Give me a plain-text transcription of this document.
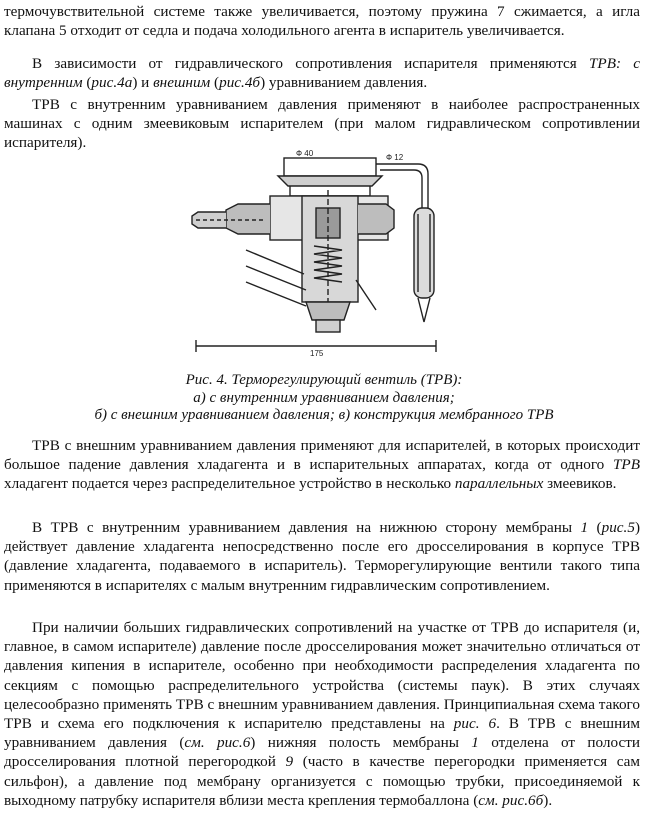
термочувствительной системе также увеличивается, поэтому пружина 7 сжимается, а игла клапана 5 отходит от седла и подача холодильного агента в испаритель увеличивается.

В зависимости от гидравлического сопротивления испарителя применяются ТРВ: с внутренним (рис.4а) и внешним (рис.4б) уравниванием давления.

ТРВ с внутренним уравниванием давления применяют в наиболее распространенных машинах с одним змеевиковым испарителем (при малом гидравлическом сопротивлении испарителя).

Ф 40	Ф 12
175
Рис. 4. Терморегулирующий вентиль (ТРВ):
а) с внутренним уравниванием давления;
б) с внешним уравниванием давления; в) конструкция мембранного ТРВ

ТРВ с внешним уравниванием давления применяют для испарителей, в которых происходит большое падение давления хладагента и в испарительных аппаратах, когда от одного ТРВ хладагент подается через распределительное устройство в несколько параллельных змеевиков.

В ТРВ с внутренним уравниванием давления на нижнюю сторону мембраны 1 (рис.5) действует давление хладагента непосредственно после его дросселирования в корпусе ТРВ (давление хладагента, подаваемого в испаритель). Терморегулирующие вентили такого типа применяются в испарителях с малым внутренним гидравлическим сопротивлением.

При наличии больших гидравлических сопротивлений на участке от ТРВ до испарителя (и, главное, в самом испарителе) давление после дросселирования может значительно отличаться от давления кипения в испарителе, особенно при необходимости распределения хладагента по секциям с помощью распределительного устройства (системы паук). В этих случаях целесообразно применять ТРВ с внешним уравниванием давления. Принципиальная схема такого ТРВ и схема его подключения к испарителю представлены на рис. 6. В ТРВ с внешним уравниванием давления (см. рис.6) нижняя полость мембраны 1 отделена от полости дросселирования плотной перегородкой 9 (часто в качестве перегородки применяется сам сильфон), а давление под мембрану организуется с помощью трубки, присоединяемой к выходному патрубку испарителя вблизи места крепления термобаллона (см. рис.6б).
